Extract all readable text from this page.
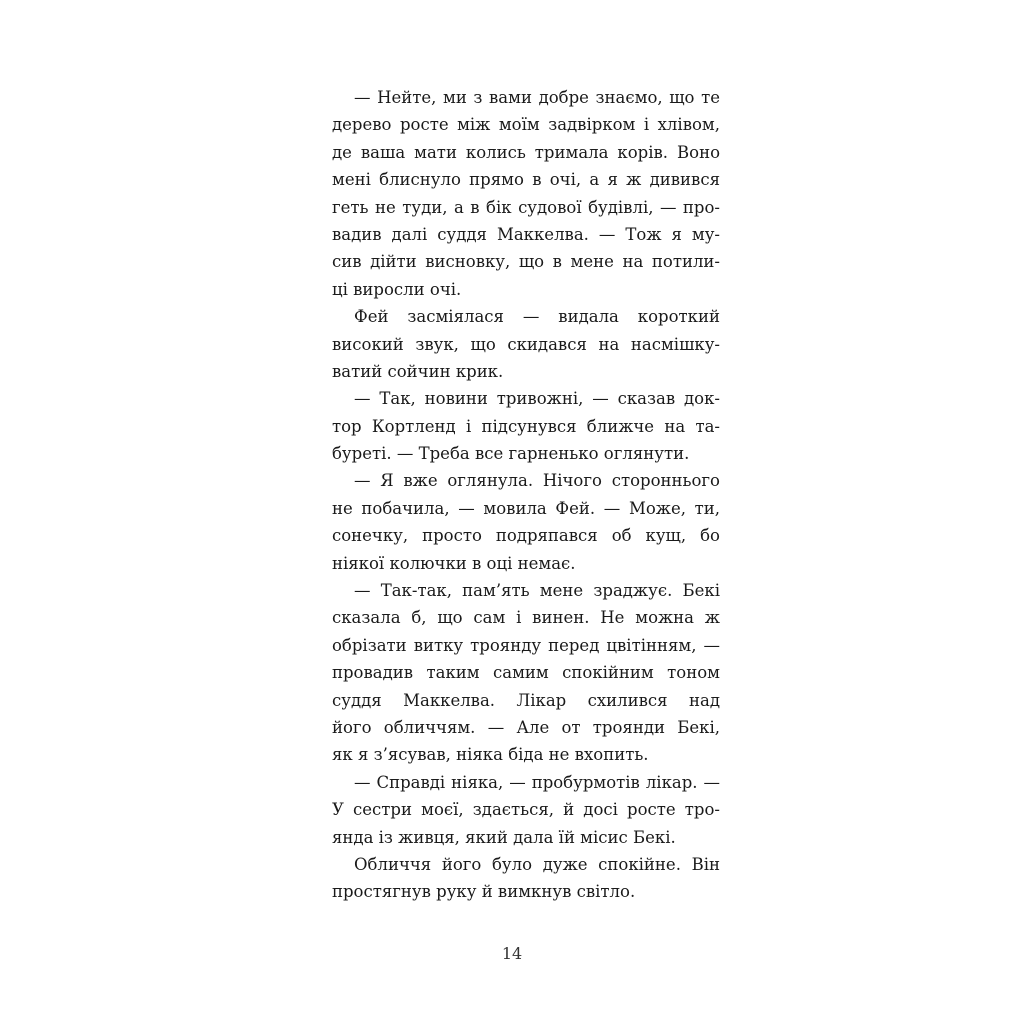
— Нейте, ми з вами добре знаємо, що те
дерево росте між моїм задвірком і хлівом,
де ваша мати колись тримала корів. Воно
мені блиснуло прямо в очі, а я ж дивився
геть не туди, а в бік судової будівлі, — про-
вадив далі суддя Маккелва. — Тож я му-
сив дійти висновку, що в мене на потили-
ці виросли очі.
Фей засміялася — видала короткий
високий звук, що скидався на насмішку-
ватий сойчин крик.
— Так, новини тривожні, — сказав док-
тор Кортленд і підсунувся ближче на та-
буреті. — Треба все гарненько оглянути.
— Я вже оглянула. Нічого стороннього
не побачила, — мовила Фей. — Може, ти,
сонечку, просто подряпався об кущ, бо
ніякої колючки в оці немає.
— Так-так, пам’ять мене зраджує. Бекі
сказала б, що сам і винен. Не можна ж
обрізати витку троянду перед цвітінням, —
провадив таким самим спокійним тоном
суддя Маккелва. Лікар схилився над
його обличчям. — Але от троянди Бекі,
як я з’ясував, ніяка біда не вхопить.
— Справді ніяка, — пробурмотів лікар. —
У сестри моєї, здається, й досі росте тро-
янда із живця, який дала їй місис Бекі.
Обличчя його було дуже спокійне. Він
простягнув руку й вимкнув світло.
14
